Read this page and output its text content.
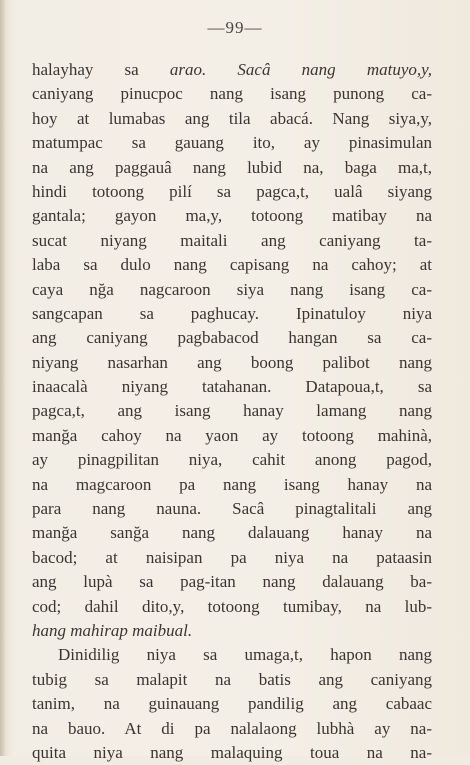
—99—
halayhay sa arao. Sacâ nang matuyo,y,
caniyang pinucpoc nang isang punong ca-
hoy at lumabas ang tila abacá. Nang siya,y,
matumpac sa gauang ito, ay pinasimulan
na ang paggauâ nang lubid na, baga ma,t,
hindi totoong pilí sa pagca,t, ualâ siyang
gantala; gayon ma,y, totoong matibay na
sucat niyang maitali ang caniyang ta-
laba sa dulo nang capisang na cahoy; at
caya nğa nagcaroon siya nang isang ca-
sangcapan sa paghucay. Ipinatuloy niya
ang caniyang pagbabacod hangan sa ca-
niyang nasarhan ang boong palibot nang
inaacalà niyang tatahanan. Datapoua,t, sa
pagca,t, ang isang hanay lamang nang
manğa cahoy na yaon ay totoong mahinà,
ay pinagpilitan niya, cahit anong pagod,
na magcaroon pa nang isang hanay na
para nang nauna. Sacâ pinagtalitali ang
manğa sanğa nang dalauang hanay na
bacod; at naisipan pa niya na pataasin
ang lupà sa pag-itan nang dalauang ba-
cod; dahil dito,y, totoong tumibay, na lub-
hang mahirap maibual.
Dinidilig niya sa umaga,t, hapon nang
tubig sa malapit na batis ang caniyang
tanim, na guinauang pandilig ang cabaac
na bauo. At di pa nalalaong lubhà ay na-
quita niya nang malaquing toua na na-
